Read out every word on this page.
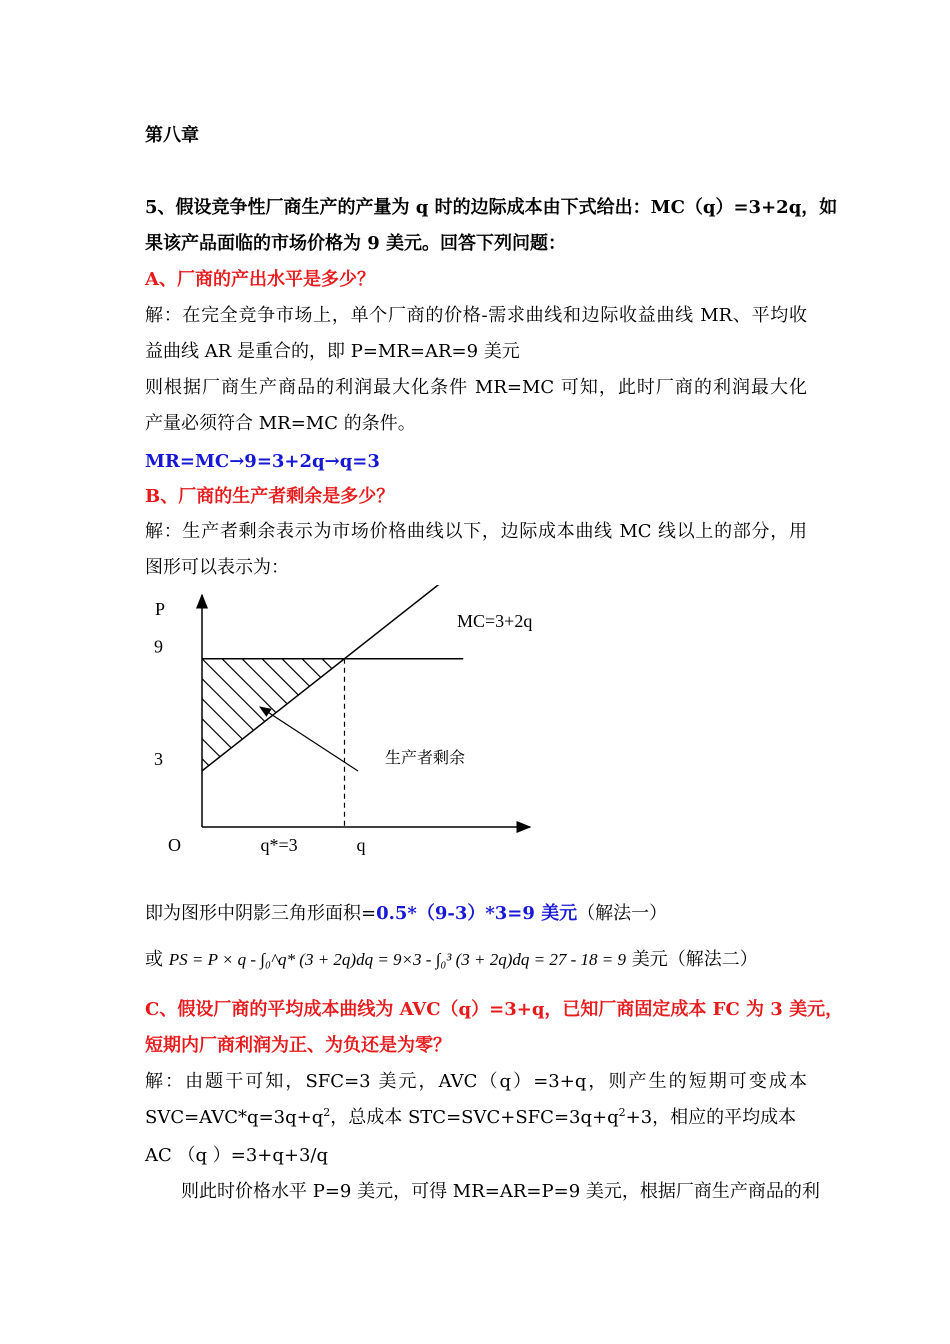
第八章
5、假设竞争性厂商生产的产量为 q 时的边际成本由下式给出：MC（q）=3+2q，如
果该产品面临的市场价格为 9 美元。回答下列问题：
A、厂商的产出水平是多少？
解：在完全竞争市场上，单个厂商的价格-需求曲线和边际收益曲线 MR、平均收
益曲线 AR 是重合的，即 P=MR=AR=9 美元
则根据厂商生产商品的利润最大化条件 MR=MC 可知，此时厂商的利润最大化
产量必须符合 MR=MC 的条件。
MR=MC→9=3+2q→q=3
B、厂商的生产者剩余是多少？
解：生产者剩余表示为市场价格曲线以下，边际成本曲线 MC 线以上的部分，用
图形可以表示为：
即为图形中阴影三角形面积=0.5*（9-3）*3=9 美元（解法一）
或 PS = P × q - ∫₀^q* (3 + 2q)dq = 9×3 - ∫₀³ (3 + 2q)dq = 27 - 18 = 9 美元（解法二）
C、假设厂商的平均成本曲线为 AVC（q）=3+q，已知厂商固定成本 FC 为 3 美元，
短期内厂商利润为正、为负还是为零？
解：由题干可知，SFC=3 美元，AVC（q）=3+q，则产生的短期可变成本
$SVC=AVC*q=3q+q^2$，总成本 $STC=SVC+SFC=3q+q^2+3$，相应的平均成本
AC （q ）=3+q+3/q
则此时价格水平 P=9 美元，可得 MR=AR=P=9 美元，根据厂商生产商品的利
P
9
3
O	q*=3	q
MC=3+2q
生产者剩余
